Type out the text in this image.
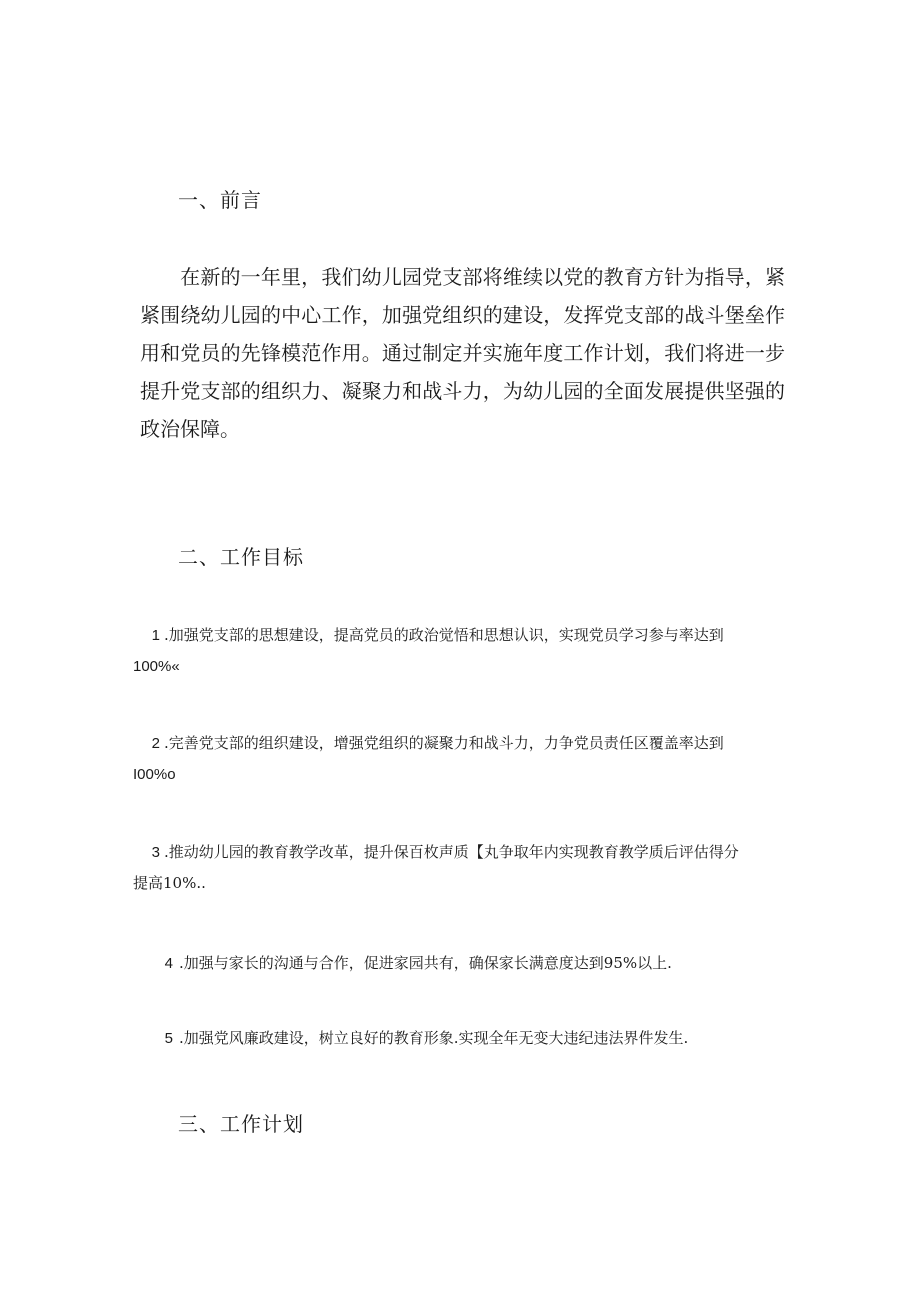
一、前言
在新的一年里，我们幼儿园党支部将维续以党的教育方针为指导，紧紧围绕幼儿园的中心工作，加强党组织的建设，发挥党支部的战斗堡垒作用和党员的先锋模范作用。通过制定并实施年度工作计划，我们将进一步提升党支部的组织力、凝聚力和战斗力，为幼儿园的全面发展提供坚强的政治保障。
二、工作目标
1 .加强党支部的思想建设，提高党员的政治觉悟和思想认识，实现党员学习参与率达到
100%«
2 .完善党支部的组织建设，增强党组织的凝聚力和战斗力，力争党员责任区覆盖率达到
I00%o
3 .推动幼儿园的教育教学改革，提升保百枚声质【丸争取年内实现教育教学质后评估得分
提高10%..
4 .加强与家长的沟通与合作，促进家园共有，确保家长满意度达到95%以上.
5 .加强党风廉政建设，树立良好的教育形象.实现全年无变大违纪违法界件发生.
三、工作计划
